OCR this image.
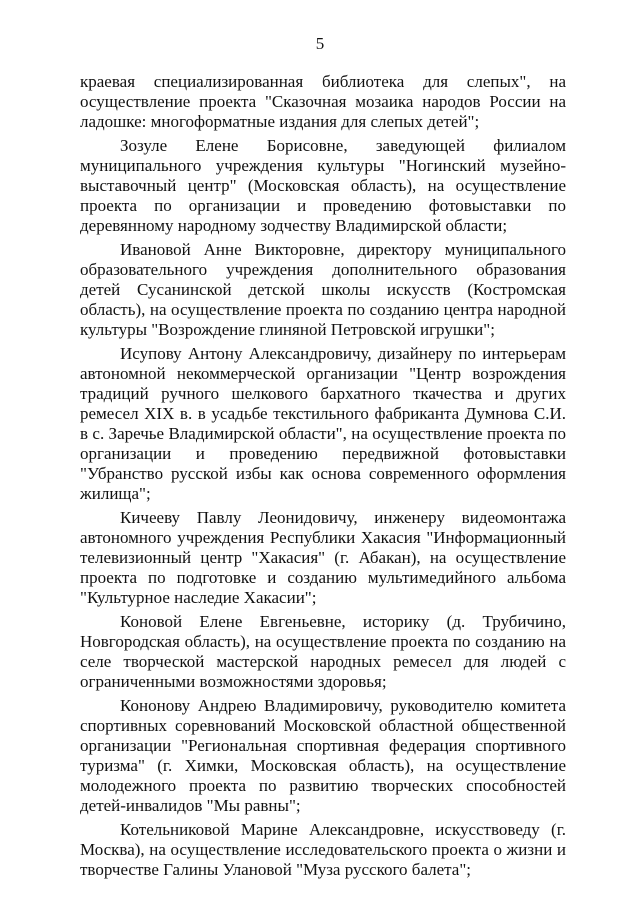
5

краевая специализированная библиотека для слепых", на осуществление проекта "Сказочная мозаика народов России на ладошке: многоформатные издания для слепых детей";

Зозуле Елене Борисовне, заведующей филиалом муниципального учреждения культуры "Ногинский музейно-выставочный центр" (Московская область), на осуществление проекта по организации и проведению фотовыставки по деревянному народному зодчеству Владимирской области;

Ивановой Анне Викторовне, директору муниципального образовательного учреждения дополнительного образования детей Сусанинской детской школы искусств (Костромская область), на осуществление проекта по созданию центра народной культуры "Возрождение глиняной Петровской игрушки";

Исупову Антону Александровичу, дизайнеру по интерьерам автономной некоммерческой организации "Центр возрождения традиций ручного шелкового бархатного ткачества и других ремесел XIX в. в усадьбе текстильного фабриканта Думнова С.И. в с. Заречье Владимирской области", на осуществление проекта по организации и проведению передвижной фотовыставки "Убранство русской избы как основа современного оформления жилища";

Кичееву Павлу Леонидовичу, инженеру видеомонтажа автономного учреждения Республики Хакасия "Информационный телевизионный центр "Хакасия" (г. Абакан), на осуществление проекта по подготовке и созданию мультимедийного альбома "Культурное наследие Хакасии";

Коновой Елене Евгеньевне, историку (д. Трубичино, Новгородская область), на осуществление проекта по созданию на селе творческой мастерской народных ремесел для людей с ограниченными возможностями здоровья;

Кононову Андрею Владимировичу, руководителю комитета спортивных соревнований Московской областной общественной организации "Региональная спортивная федерация спортивного туризма" (г. Химки, Московская область), на осуществление молодежного проекта по развитию творческих способностей детей-инвалидов "Мы равны";

Котельниковой Марине Александровне, искусствоведу (г. Москва), на осуществление исследовательского проекта о жизни и творчестве Галины Улановой "Муза русского балета";
